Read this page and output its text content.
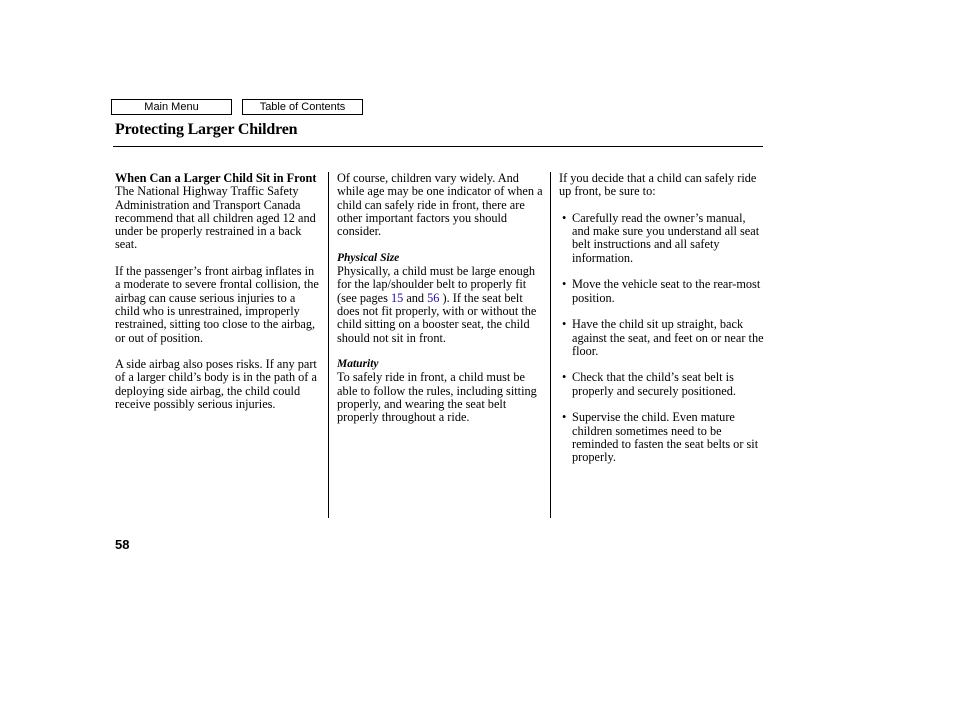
Main Menu	Table of Contents
Protecting Larger Children

When Can a Larger Child Sit in Front

The National Highway Traffic Safety Administration and Transport Canada recommend that all children aged 12 and under be properly restrained in a back seat.

If the passenger’s front airbag inflates in a moderate to severe frontal collision, the airbag can cause serious injuries to a child who is unrestrained, improperly restrained, sitting too close to the airbag, or out of position.

A side airbag also poses risks. If any part of a larger child’s body is in the path of a deploying side airbag, the child could receive possibly serious injuries.

Of course, children vary widely. And while age may be one indicator of when a child can safely ride in front, there are other important factors you should consider.

Physical Size

Physically, a child must be large enough for the lap/shoulder belt to properly fit (see pages 15 and 56 ). If the seat belt does not fit properly, with or without the child sitting on a booster seat, the child should not sit in front.

Maturity

To safely ride in front, a child must be able to follow the rules, including sitting properly, and wearing the seat belt properly throughout a ride.

If you decide that a child can safely ride up front, be sure to:

• Carefully read the owner’s manual, and make sure you understand all seat belt instructions and all safety information.
• Move the vehicle seat to the rear-most position.
• Have the child sit up straight, back against the seat, and feet on or near the floor.
• Check that the child’s seat belt is properly and securely positioned.
• Supervise the child. Even mature children sometimes need to be reminded to fasten the seat belts or sit properly.
58
